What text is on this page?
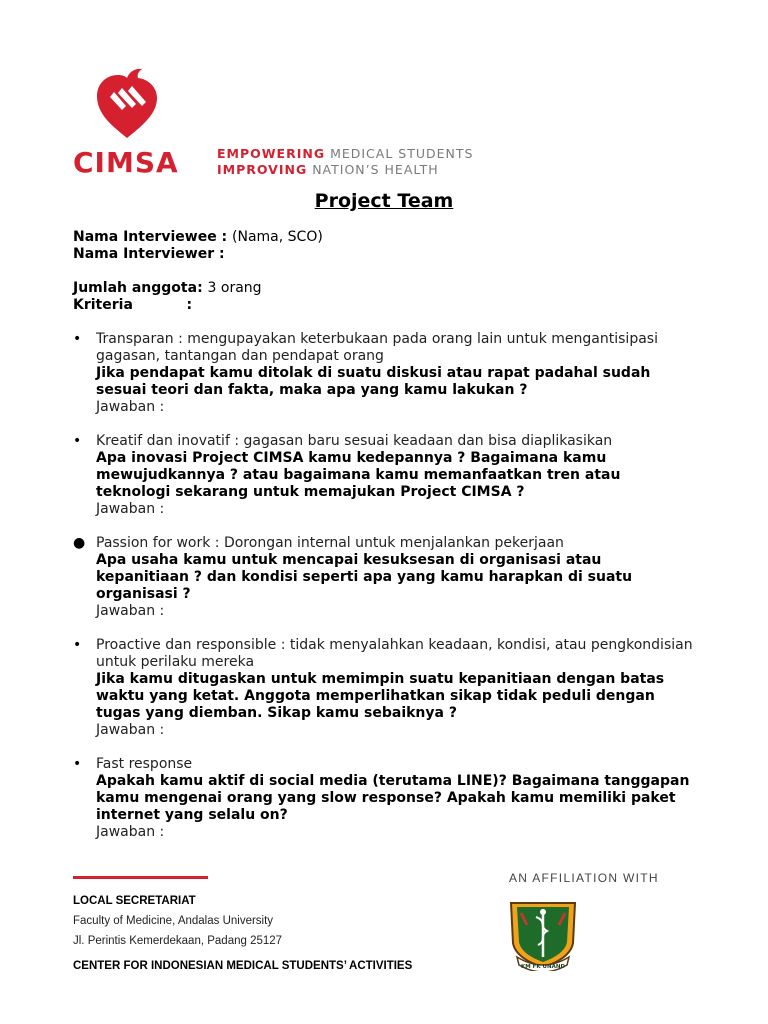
CIMSA	EMPOWERING MEDICAL STUDENTS
IMPROVING NATION’S HEALTH
Project Team
Nama Interviewee : (Nama, SCO)
Nama Interviewer :
Jumlah anggota: 3 orang
Kriteria           :
• Transparan : mengupayakan keterbukaan pada orang lain untuk mengantisipasi gagasan, tantangan dan pendapat orang
Jika pendapat kamu ditolak di suatu diskusi atau rapat padahal sudah sesuai teori dan fakta, maka apa yang kamu lakukan ?
Jawaban :
• Kreatif dan inovatif : gagasan baru sesuai keadaan dan bisa diaplikasikan
Apa inovasi Project CIMSA kamu kedepannya ? Bagaimana kamu mewujudkannya ? atau bagaimana kamu memanfaatkan tren atau teknologi sekarang untuk memajukan Project CIMSA ?
Jawaban :
● Passion for work : Dorongan internal untuk menjalankan pekerjaan
Apa usaha kamu untuk mencapai kesuksesan di organisasi atau kepanitiaan ? dan kondisi seperti apa yang kamu harapkan di suatu organisasi ?
Jawaban :
• Proactive dan responsible : tidak menyalahkan keadaan, kondisi, atau pengkondisian untuk perilaku mereka
Jika kamu ditugaskan untuk memimpin suatu kepanitiaan dengan batas waktu yang ketat. Anggota memperlihatkan sikap tidak peduli dengan tugas yang diemban. Sikap kamu sebaiknya ?
Jawaban :
• Fast response
Apakah kamu aktif di social media (terutama LINE)? Bagaimana tanggapan kamu mengenai orang yang slow response? Apakah kamu memiliki paket internet yang selalu on?
Jawaban :
LOCAL SECRETARIAT
Faculty of Medicine, Andalas University
Jl. Perintis Kemerdekaan, Padang 25127
CENTER FOR INDONESIAN MEDICAL STUDENTS’ ACTIVITIES
AN AFFILIATION WITH
KM FK UNAND
